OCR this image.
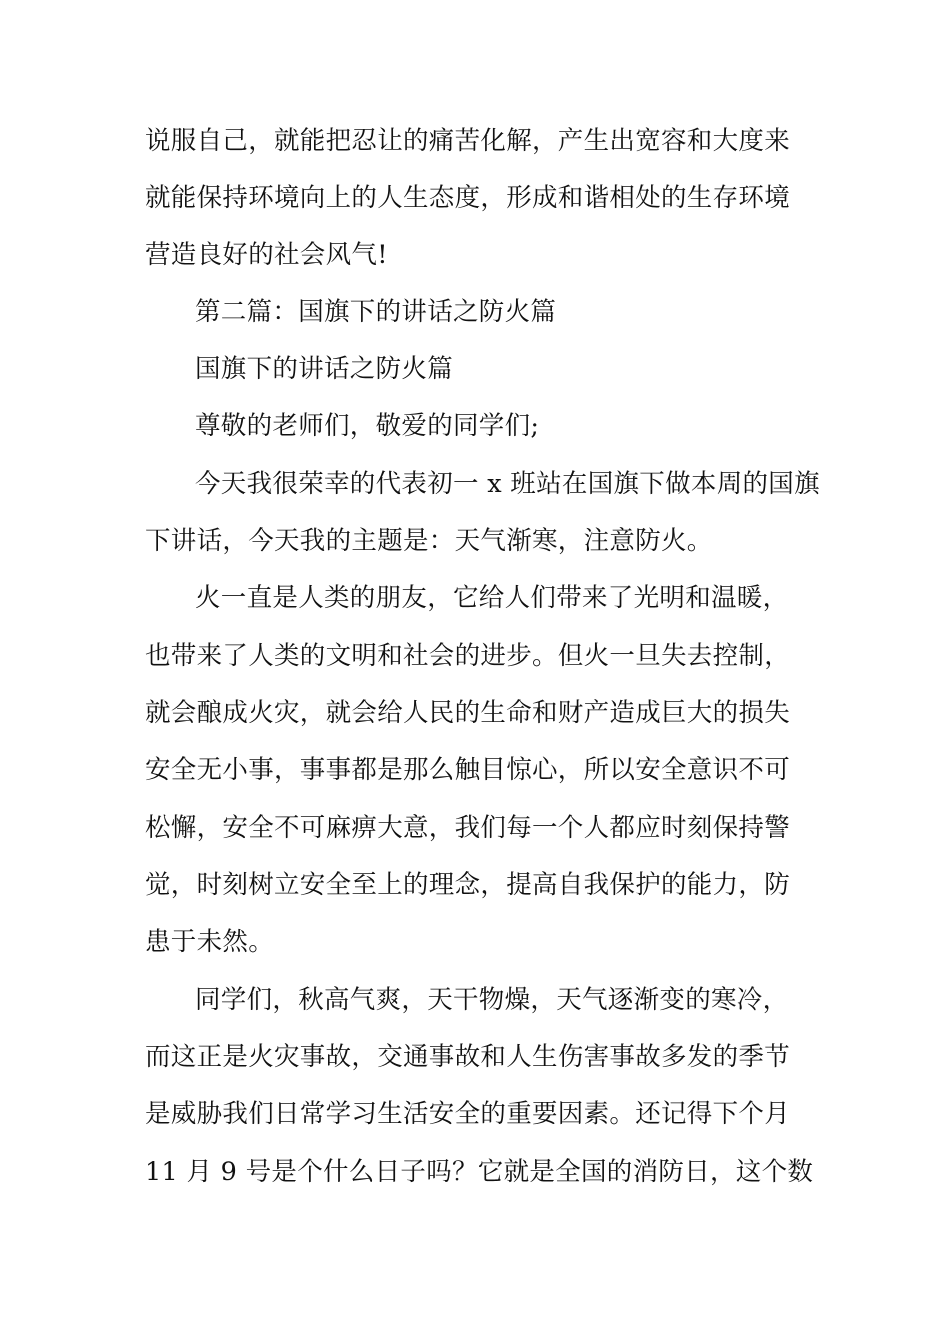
说服自己，就能把忍让的痛苦化解，产生出宽容和大度来
就能保持环境向上的人生态度，形成和谐相处的生存环境
营造良好的社会风气!
第二篇：国旗下的讲话之防火篇
国旗下的讲话之防火篇
尊敬的老师们，敬爱的同学们;
今天我很荣幸的代表初一 x 班站在国旗下做本周的国旗
下讲话，今天我的主题是：天气渐寒，注意防火。
火一直是人类的朋友，它给人们带来了光明和温暖，
也带来了人类的文明和社会的进步。但火一旦失去控制，
就会酿成火灾，就会给人民的生命和财产造成巨大的损失
安全无小事，事事都是那么触目惊心，所以安全意识不可
松懈，安全不可麻痹大意，我们每一个人都应时刻保持警
觉，时刻树立安全至上的理念，提高自我保护的能力，防
患于未然。
同学们，秋高气爽，天干物燥，天气逐渐变的寒冷，
而这正是火灾事故，交通事故和人生伤害事故多发的季节
是威胁我们日常学习生活安全的重要因素。还记得下个月
11 月 9 号是个什么日子吗？它就是全国的消防日，这个数
